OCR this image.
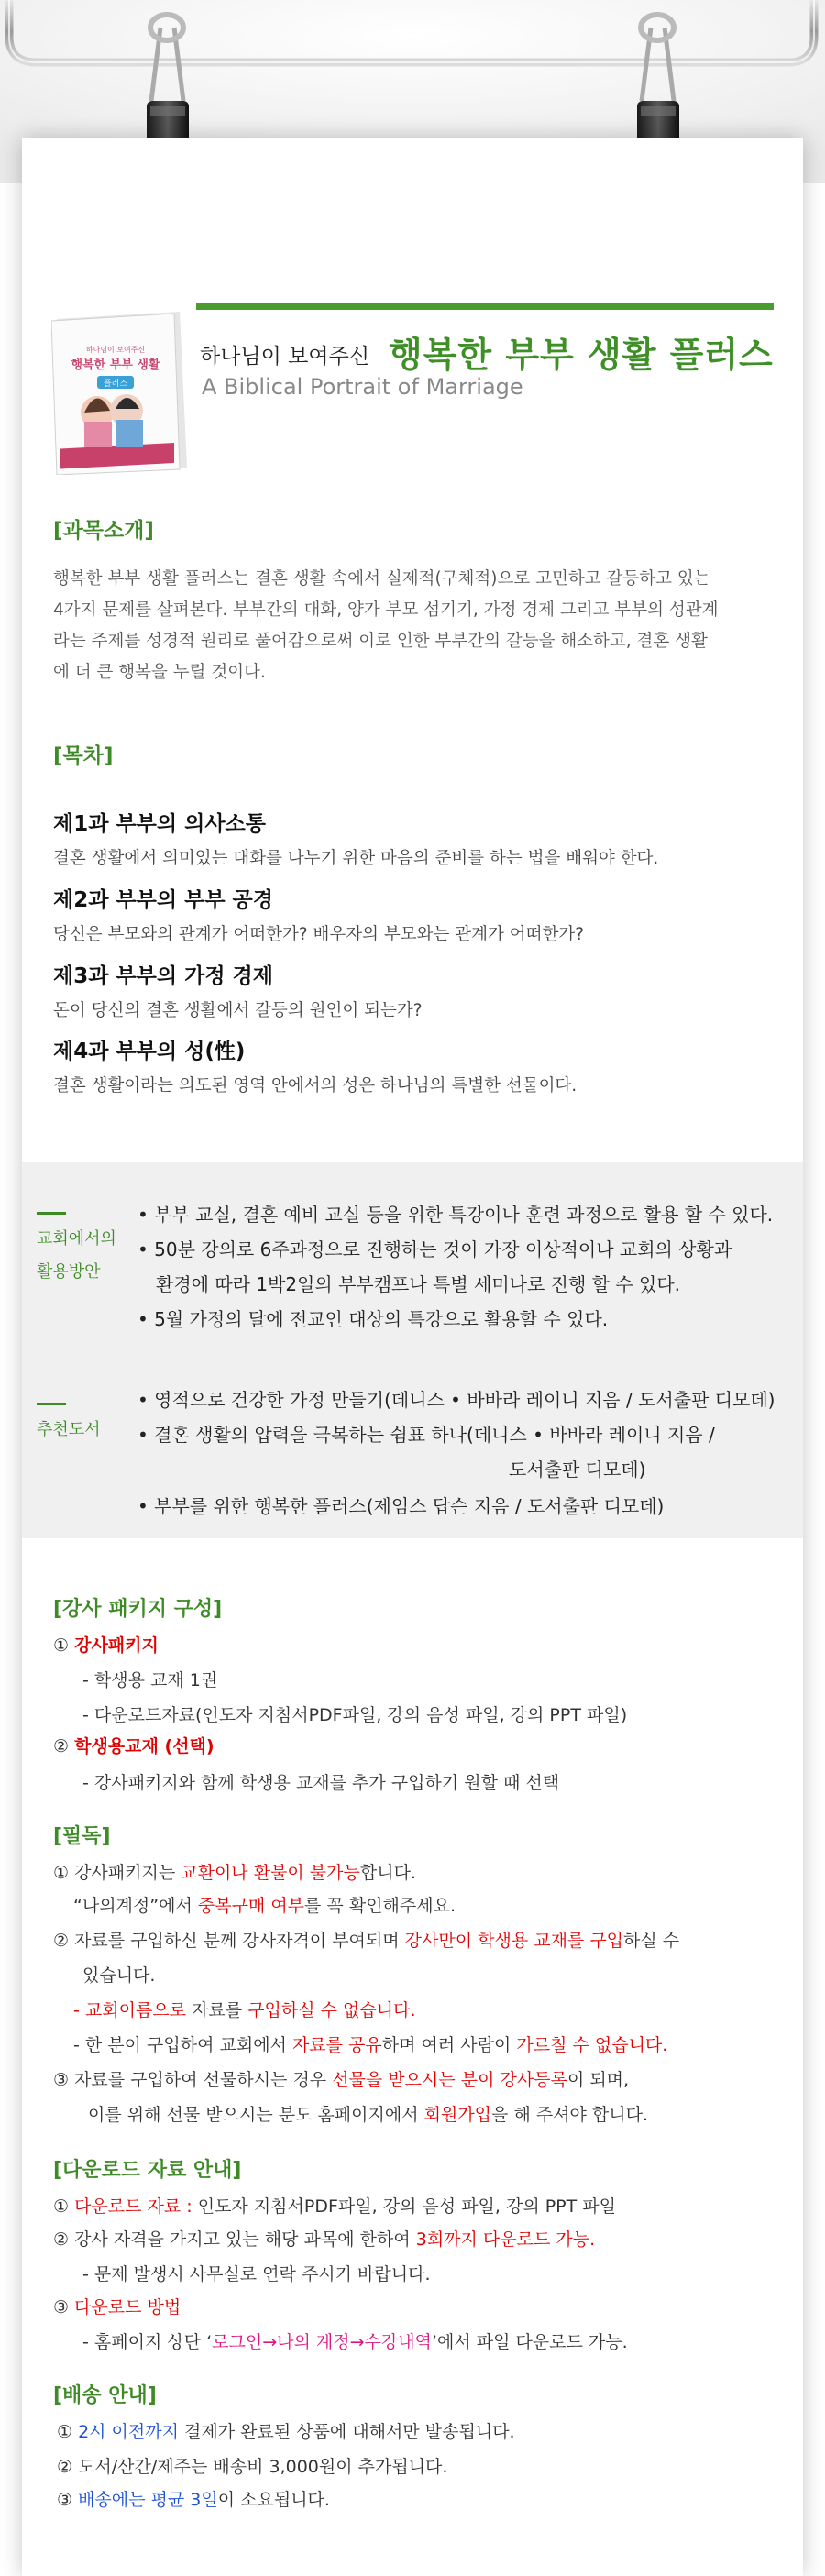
하나님이 보여주신
행복한 부부 생활
플러스
하나님이 보여주신 행복한 부부 생활 플러스
A Biblical Portrait of Marriage
[과목소개]
행복한 부부 생활 플러스는 결혼 생활 속에서 실제적(구체적)으로 고민하고 갈등하고 있는
4가지 문제를 살펴본다. 부부간의 대화, 양가 부모 섬기기, 가정 경제 그리고 부부의 성관계
라는 주제를 성경적 원리로 풀어감으로써 이로 인한 부부간의 갈등을 해소하고, 결혼 생활
에 더 큰 행복을 누릴 것이다.
[목차]
제1과 부부의 의사소통
결혼 생활에서 의미있는 대화를 나누기 위한 마음의 준비를 하는 법을 배워야 한다.
제2과 부부의 부부 공경
당신은 부모와의 관계가 어떠한가? 배우자의 부모와는 관계가 어떠한가?
제3과 부부의 가정 경제
돈이 당신의 결혼 생활에서 갈등의 원인이 되는가?
제4과 부부의 성(性)
결혼 생활이라는 의도된 영역 안에서의 성은 하나님의 특별한 선물이다.
교회에서의
활용방안
• 부부 교실, 결혼 예비 교실 등을 위한 특강이나 훈련 과정으로 활용 할 수 있다.
• 50분 강의로 6주과정으로 진행하는 것이 가장 이상적이나 교회의 상황과
환경에 따라 1박2일의 부부캠프나 특별 세미나로 진행 할 수 있다.
• 5월 가정의 달에 전교인 대상의 특강으로 활용할 수 있다.
추천도서
• 영적으로 건강한 가정 만들기(데니스 • 바바라 레이니 지음 / 도서출판 디모데)
• 결혼 생활의 압력을 극복하는 쉼표 하나(데니스 • 바바라 레이니 지음 /
도서출판 디모데)
• 부부를 위한 행복한 플러스(제임스 답슨 지음 / 도서출판 디모데)
[강사 패키지 구성]
① 강사패키지
- 학생용 교재 1권
- 다운로드자료(인도자 지침서PDF파일, 강의 음성 파일, 강의 PPT 파일)
② 학생용교재 (선택)
- 강사패키지와 함께 학생용 교재를 추가 구입하기 원할 때 선택
[필독]
① 강사패키지는 교환이나 환불이 불가능합니다.
“나의계정”에서 중복구매 여부를 꼭 확인해주세요.
② 자료를 구입하신 분께 강사자격이 부여되며 강사만이 학생용 교재를 구입하실 수
있습니다.
- 교회이름으로 자료를 구입하실 수 없습니다.
- 한 분이 구입하여 교회에서 자료를 공유하며 여러 사람이 가르칠 수 없습니다.
③ 자료를 구입하여 선물하시는 경우 선물을 받으시는 분이 강사등록이 되며,
이를 위해 선물 받으시는 분도 홈페이지에서 회원가입을 해 주셔야 합니다.
[다운로드 자료 안내]
① 다운로드 자료 : 인도자 지침서PDF파일, 강의 음성 파일, 강의 PPT 파일
② 강사 자격을 가지고 있는 해당 과목에 한하여 3회까지 다운로드 가능.
- 문제 발생시 사무실로 연락 주시기 바랍니다.
③ 다운로드 방법
- 홈페이지 상단 ‘로그인→나의 계정→수강내역’에서 파일 다운로드 가능.
[배송 안내]
① 2시 이전까지 결제가 완료된 상품에 대해서만 발송됩니다.
② 도서/산간/제주는 배송비 3,000원이 추가됩니다.
③ 배송에는 평균 3일이 소요됩니다.
